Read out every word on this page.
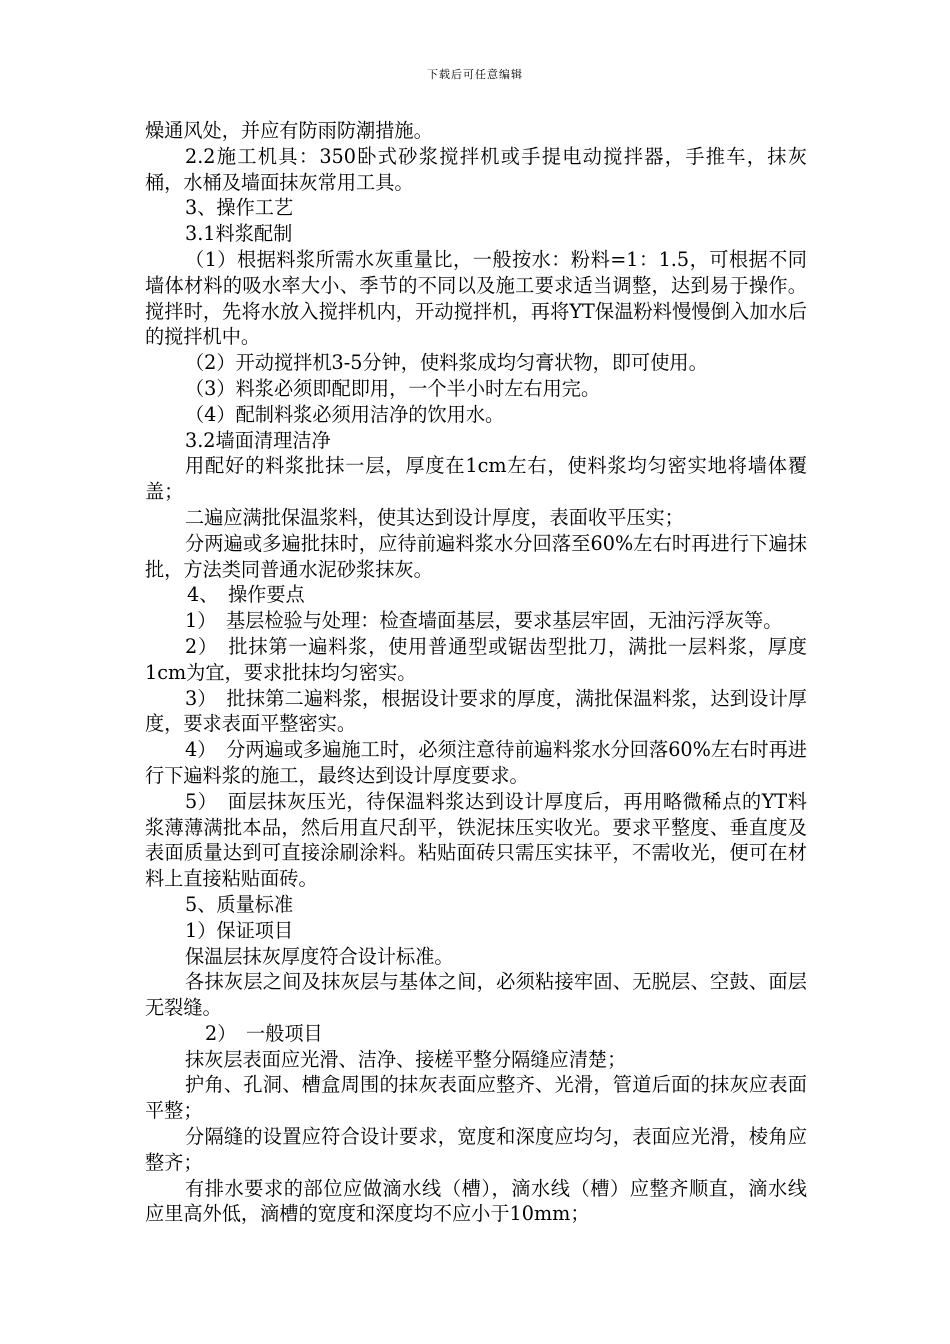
下载后可任意编辑

燥通风处，并应有防雨防潮措施。

2.2施工机具：350卧式砂浆搅拌机或手提电动搅拌器，手推车，抹灰桶，水桶及墙面抹灰常用工具。

3、操作工艺

3.1料浆配制

（1）根据料浆所需水灰重量比，一般按水：粉料=1：1.5，可根据不同墙体材料的吸水率大小、季节的不同以及施工要求适当调整，达到易于操作。搅拌时，先将水放入搅拌机内，开动搅拌机，再将YT保温粉料慢慢倒入加水后的搅拌机中。

（2）开动搅拌机3-5分钟，使料浆成均匀膏状物，即可使用。

（3）料浆必须即配即用，一个半小时左右用完。

（4）配制料浆必须用洁净的饮用水。

3.2墙面清理洁净

用配好的料浆批抹一层，厚度在1cm左右，使料浆均匀密实地将墙体覆盖；

二遍应满批保温浆料，使其达到设计厚度，表面收平压实；

分两遍或多遍批抹时，应待前遍料浆水分回落至60%左右时再进行下遍抹批，方法类同普通水泥砂浆抹灰。

4、　操作要点

1）　基层检验与处理：检查墙面基层，要求基层牢固，无油污浮灰等。

2）　批抹第一遍料浆，使用普通型或锯齿型批刀，满批一层料浆，厚度1cm为宜，要求批抹均匀密实。

3）　批抹第二遍料浆，根据设计要求的厚度，满批保温料浆，达到设计厚度，要求表面平整密实。

4）　分两遍或多遍施工时，必须注意待前遍料浆水分回落60%左右时再进行下遍料浆的施工，最终达到设计厚度要求。

5）　面层抹灰压光，待保温料浆达到设计厚度后，再用略微稀点的YT料浆薄薄满批本品，然后用直尺刮平，铁泥抹压实收光。要求平整度、垂直度及表面质量达到可直接涂刷涂料。粘贴面砖只需压实抹平，不需收光，便可在材料上直接粘贴面砖。

5、质量标准

1）保证项目

保温层抹灰厚度符合设计标准。

各抹灰层之间及抹灰层与基体之间，必须粘接牢固、无脱层、空鼓、面层无裂缝。

2）　一般项目

抹灰层表面应光滑、洁净、接槎平整分隔缝应清楚；

护角、孔洞、槽盒周围的抹灰表面应整齐、光滑，管道后面的抹灰应表面平整；

分隔缝的设置应符合设计要求，宽度和深度应均匀，表面应光滑，棱角应整齐；

有排水要求的部位应做滴水线（槽），滴水线（槽）应整齐顺直，滴水线应里高外低，滴槽的宽度和深度均不应小于10mm；
